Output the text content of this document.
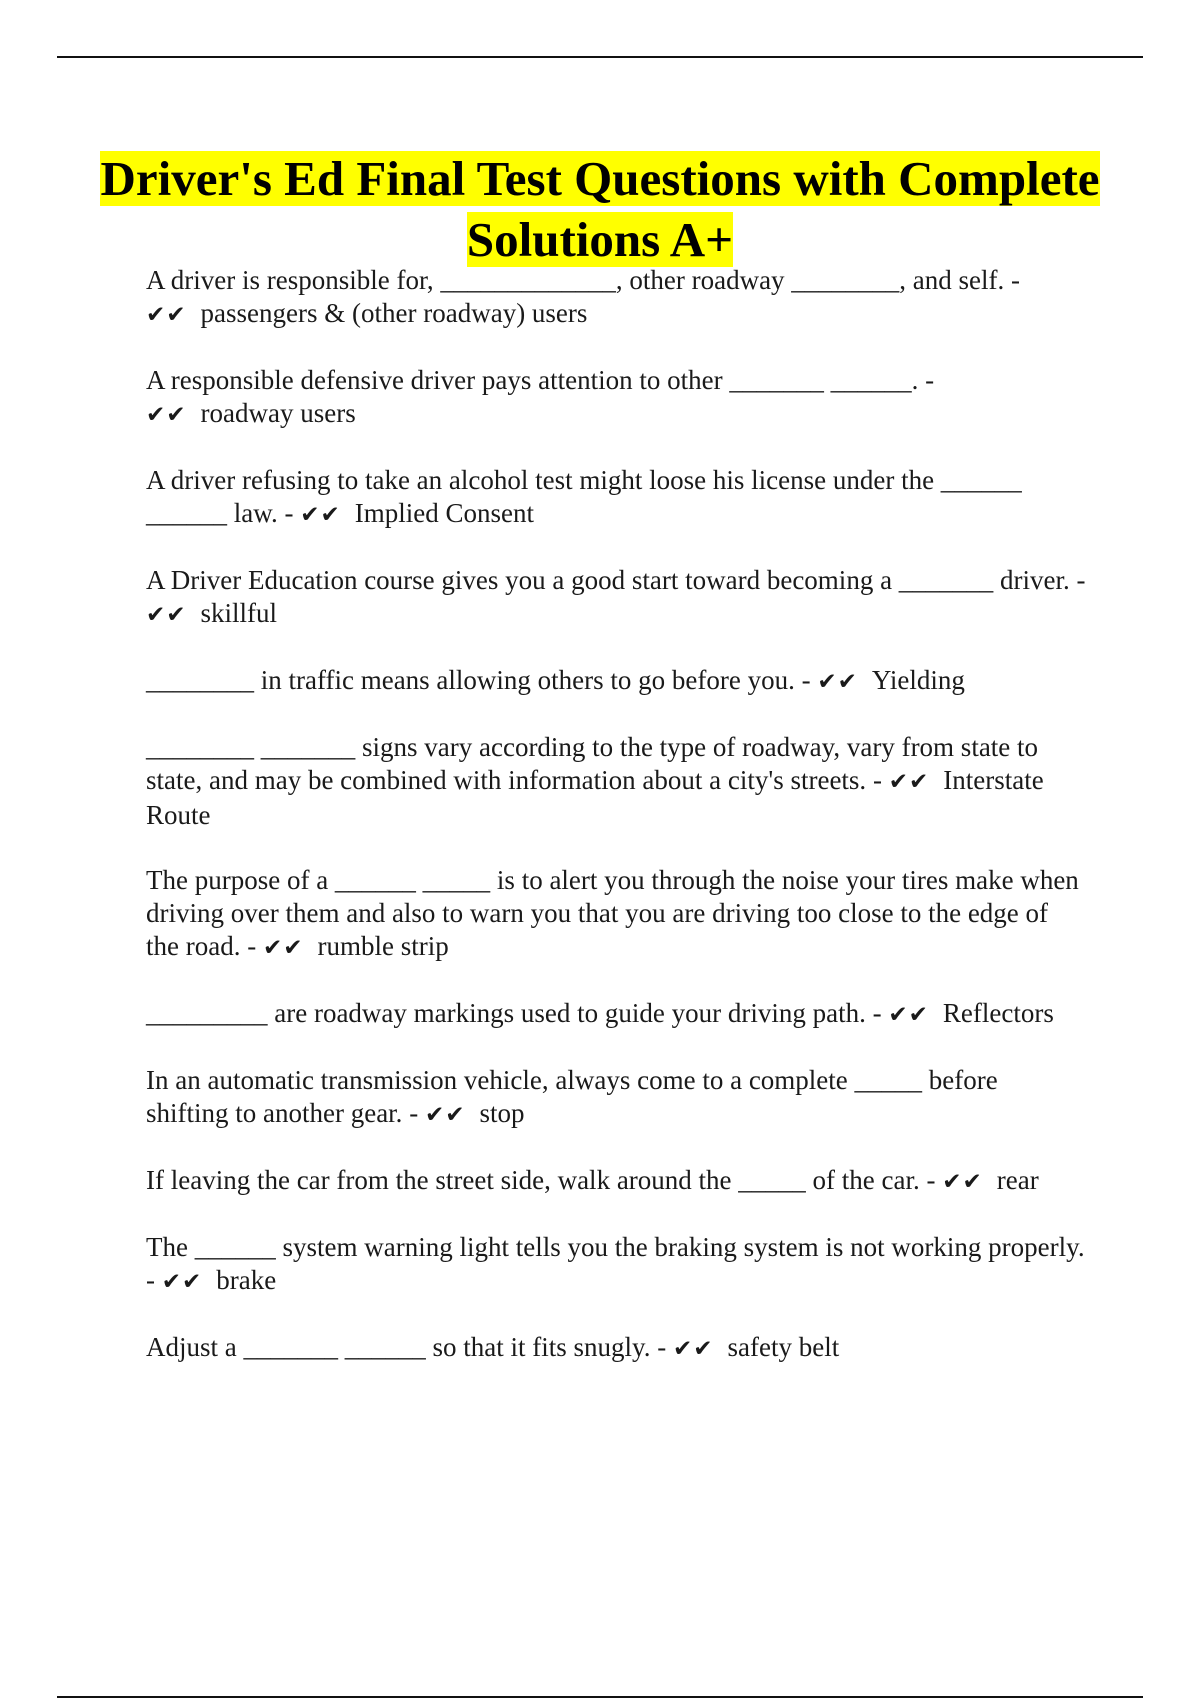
Driver's Ed Final Test Questions with Complete Solutions A+

A driver is responsible for, _____________, other roadway ________, and self. - ✔✔ passengers & (other roadway) users

A responsible defensive driver pays attention to other _______ ______. - ✔✔ roadway users

A driver refusing to take an alcohol test might loose his license under the ______ ______ law. - ✔✔ Implied Consent

A Driver Education course gives you a good start toward becoming a _______ driver. - ✔✔ skillful

________ in traffic means allowing others to go before you. - ✔✔ Yielding

________ _______ signs vary according to the type of roadway, vary from state to state, and may be combined with information about a city's streets. - ✔✔ Interstate Route

The purpose of a ______ _____ is to alert you through the noise your tires make when driving over them and also to warn you that you are driving too close to the edge of the road. - ✔✔ rumble strip

_________ are roadway markings used to guide your driving path. - ✔✔ Reflectors

In an automatic transmission vehicle, always come to a complete _____ before shifting to another gear. - ✔✔ stop

If leaving the car from the street side, walk around the _____ of the car. - ✔✔ rear

The ______ system warning light tells you the braking system is not working properly. - ✔✔ brake

Adjust a _______ ______ so that it fits snugly. - ✔✔ safety belt
